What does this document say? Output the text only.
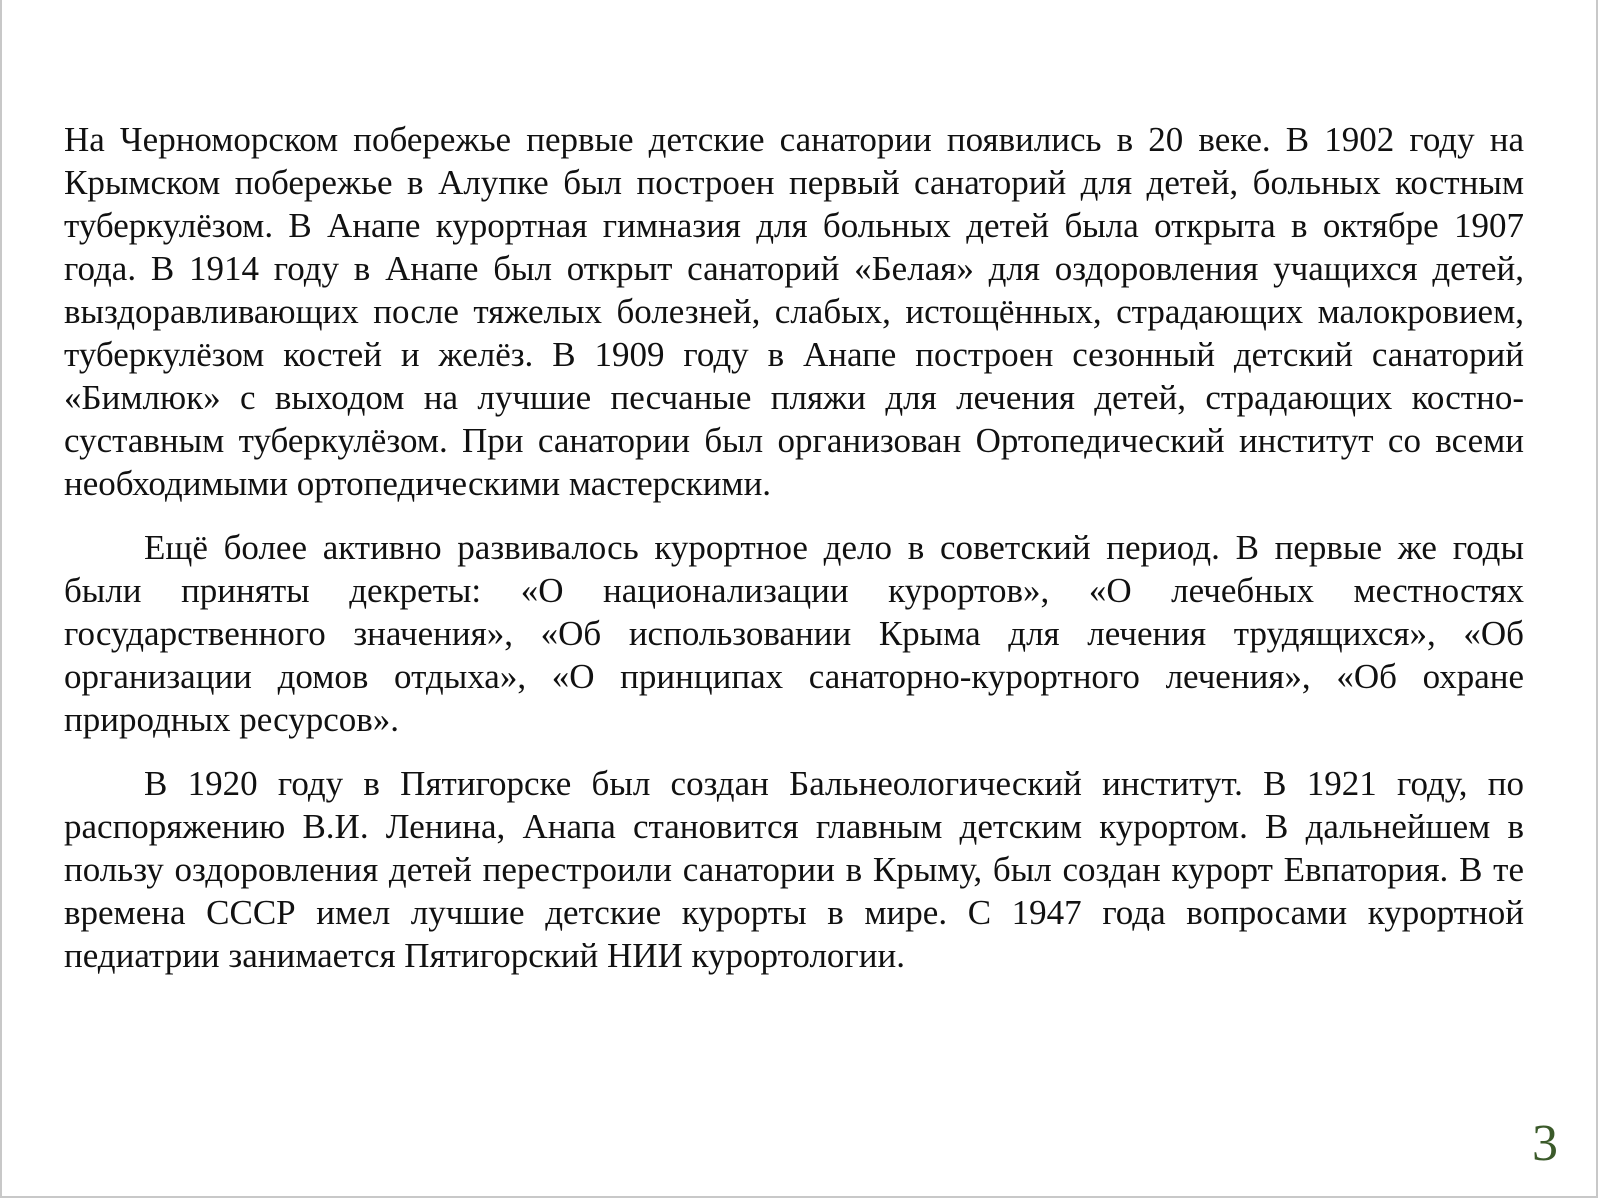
На Черноморском побережье первые детские санатории появились в 20 веке. В 1902 году на Крымском побережье в Алупке был построен первый санаторий для детей, больных костным туберкулёзом. В Анапе курортная гимназия для больных детей была открыта в октябре 1907 года. В 1914 году в Анапе был открыт санаторий «Белая» для оздоровления учащихся детей, выздоравливающих после тяжелых болезней, слабых, истощённых, страдающих малокровием, туберкулёзом костей и желёз. В 1909 году в Анапе построен сезонный детский санаторий «Бимлюк» с выходом на лучшие песчаные пляжи для лечения детей, страдающих костно-суставным туберкулёзом. При санатории был организован Ортопедический институт со всеми необходимыми ортопедическими мастерскими.

Ещё более активно развивалось курортное дело в советский период. В первые же годы были приняты декреты: «О национализации курортов», «О лечебных местностях государственного значения», «Об использовании Крыма для лечения трудящихся», «Об организации домов отдыха», «О принципах санаторно-курортного лечения», «Об охране природных ресурсов».

В 1920 году в Пятигорске был создан Бальнеологический институт. В 1921 году, по распоряжению В.И. Ленина, Анапа становится главным детским курортом. В дальнейшем в пользу оздоровления детей перестроили санатории в Крыму, был создан курорт Евпатория. В те времена СССР имел лучшие детские курорты в мире. С 1947 года вопросами курортной педиатрии занимается Пятигорский НИИ курортологии.

3
